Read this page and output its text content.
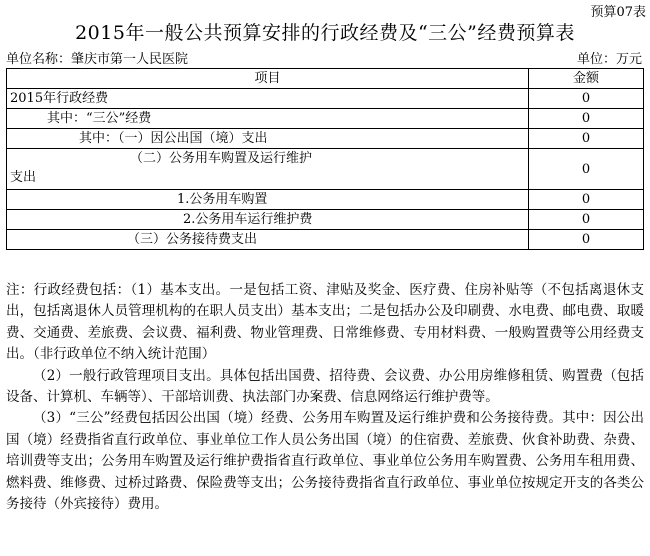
预算07表
2015年一般公共预算安排的行政经费及“三公”经费预算表
单位名称：肇庆市第一人民医院	单位：万元
项目	金额
2015年行政经费	0
其中：“三公”经费	0
其中：（一）因公出国（境）支出	0

（二）公务用车购置及运行维护
支出	0
1.公务用车购置	0
2.公务用车运行维护费	0
（三）公务接待费支出	0

注：行政经费包括：（1）基本支出。一是包括工资、津贴及奖金、医疗费、住房补贴等（不包括离退休支出，包括离退休人员管理机构的在职人员支出）基本支出；二是包括办公及印刷费、水电费、邮电费、取暖费、交通费、差旅费、会议费、福利费、物业管理费、日常维修费、专用材料费、一般购置费等公用经费支出。（非行政单位不纳入统计范围）

（2）一般行政管理项目支出。具体包括出国费、招待费、会议费、办公用房维修租赁、购置费（包括设备、计算机、车辆等）、干部培训费、执法部门办案费、信息网络运行维护费等。

（3）“三公”经费包括因公出国（境）经费、公务用车购置及运行维护费和公务接待费。其中：因公出国（境）经费指省直行政单位、事业单位工作人员公务出国（境）的住宿费、差旅费、伙食补助费、杂费、培训费等支出；公务用车购置及运行维护费指省直行政单位、事业单位公务用车购置费、公务用车租用费、燃料费、维修费、过桥过路费、保险费等支出；公务接待费指省直行政单位、事业单位按规定开支的各类公务接待（外宾接待）费用。
